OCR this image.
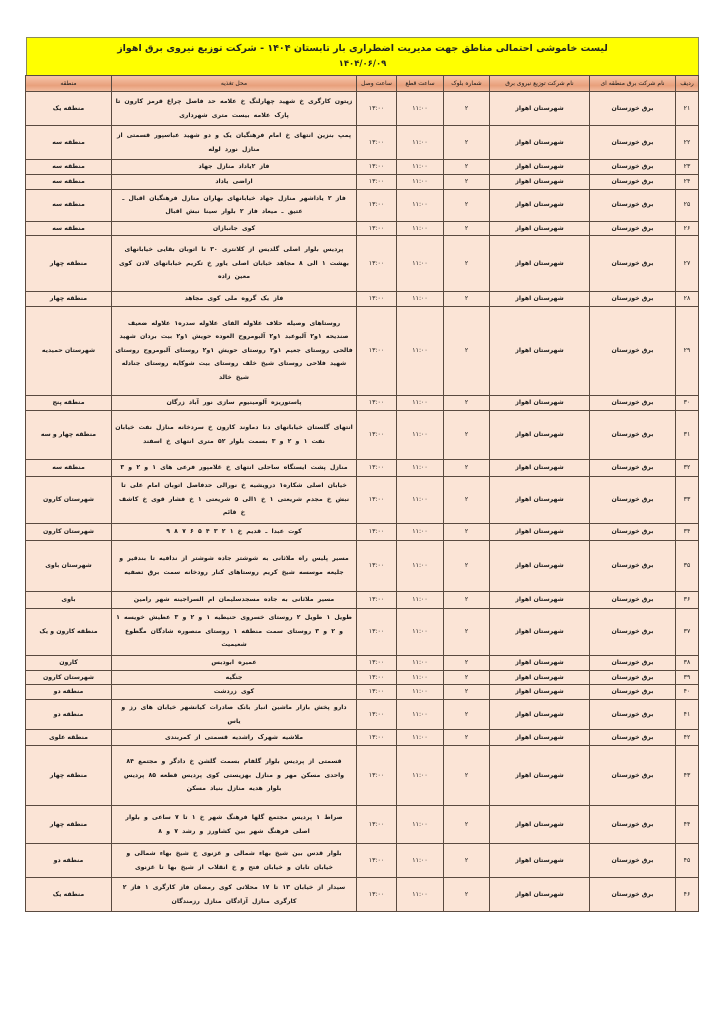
لیست خاموشی احتمالی مناطق جهت مدیریت اضطراری بار تابستان ۱۴۰۴ - شرکت توزیع نیروی برق اهواز
۱۴۰۴/۰۶/۰۹
ردیف	نام شرکت برق منطقه ای	نام شرکت توزیع نیروی برق	شماره بلوک	ساعت قطع	ساعت وصل	محل تغذیه	منطقه
۲۱	برق خوزستان	شهرستان اهواز	۲	۱۱:۰۰	۱۳:۰۰	زیتون کارگری خ شهید چهارلنگ خ علامه حد فاصل چراغ قرمز کارون تا پارک علامه بیست متری شهرداری	منطقه یک
۲۲	برق خوزستان	شهرستان اهواز	۲	۱۱:۰۰	۱۳:۰۰	پمپ بنزین انتهای خ امام فرهنگیان یک و دو شهید عباسپور قسمتی از منازل نورد لوله	منطقه سه
۲۳	برق خوزستان	شهرستان اهواز	۲	۱۱:۰۰	۱۳:۰۰	فاز ۲یاداد منازل جهاد	منطقه سه
۲۴	برق خوزستان	شهرستان اهواز	۲	۱۱:۰۰	۱۳:۰۰	اراضی یاداد	منطقه سه
۲۵	برق خوزستان	شهرستان اهواز	۲	۱۱:۰۰	۱۳:۰۰	فاز ۲ یاداشهر منازل جهاد خیابانهای بهاران منازل فرهنگیان اقبال ـ عتیق ـ میعاد فاز ۲ بلوار سینا نبش اقبال	منطقه سه
۲۶	برق خوزستان	شهرستان اهواز	۲	۱۱:۰۰	۱۳:۰۰	کوی جانبازان	منطقه سه
۲۷	برق خوزستان	شهرستان اهواز	۲	۱۱:۰۰	۱۳:۰۰	پردیس بلوار اصلی گلدیس از کلانتری ۳۰ تا اتوبان بقایی خیابانهای بهشت ۱ الی ۸ مجاهد خیابان اصلی یاور خ تکریم خیابانهای لادن کوی معین زاده	منطقه چهار
۲۸	برق خوزستان	شهرستان اهواز	۲	۱۱:۰۰	۱۳:۰۰	فاز یک گروه ملی کوی مجاهد	منطقه چهار
۲۹	برق خوزستان	شهرستان اهواز	۲	۱۱:۰۰	۱۳:۰۰	روستاهای وصیله حلاف علاوله الفای علاوله سدره۱ علاوله ضعیف صندیحه ۱و۲ آلبوعبد ۱و۲ آلبومروح العوده حویش ۱و۲ بیت بردان شهید فالحی روستای جعیم ۱و۲ روستای حویش ۱و۲ روستای آلبومروح روستای شهید فلاحی روستای شیخ خلف روستای بیت شوکایه روستای جنادله شیخ خالد	شهرستان حمیدیه
۳۰	برق خوزستان	شهرستان اهواز	۲	۱۱:۰۰	۱۳:۰۰	پاستوریزه آلومینیوم سازی نور آباد زرگان	منطقه پنج
۳۱	برق خوزستان	شهرستان اهواز	۲	۱۱:۰۰	۱۳:۰۰	انتهای گلستان خیابانهای دنا دماوند کارون خ سردخانه منازل نفت خیابان نفت ۱ و ۲ و ۳ بسمت بلوار ۵۲ متری انتهای خ اسفند	منطقه چهار و سه
۳۲	برق خوزستان	شهرستان اهواز	۲	۱۱:۰۰	۱۳:۰۰	منازل پشت ایستگاه ساحلی انتهای خ غلامپور فرعی های ۱ و ۲ و ۳	منطقه سه
۳۳	برق خوزستان	شهرستان اهواز	۲	۱۱:۰۰	۱۳:۰۰	خیابان اصلی شکاره۱ درویشیه خ نورالی حدفاصل اتوبان امام علی تا نبش خ مجدم شریعتی ۱ خ ۱الی ۵ شریعتی ۱ خ فشار قوی خ کاشف خ قائم	شهرستان کارون
۳۴	برق خوزستان	شهرستان اهواز	۲	۱۱:۰۰	۱۳:۰۰	کوت عبدا ـ قدیم خ ۱ ۲ ۳ ۴ ۵ ۶ ۷ ۸ ۹	شهرستان کارون
۳۵	برق خوزستان	شهرستان اهواز	۲	۱۱:۰۰	۱۳:۰۰	مسیر پلیس راه ملاثانی به شوشتر جاده شوشتر از ندافیه تا بندقیر و جلیعه موسسه شیخ کریم روستاهای کنار رودخانه سمت برق تصفیه	شهرستان باوی
۳۶	برق خوزستان	شهرستان اهواز	۲	۱۱:۰۰	۱۳:۰۰	مسیر ملاثانی به جاده مسجدسلیمان ام السراجینه شهر رامین	باوی
۳۷	برق خوزستان	شهرستان اهواز	۲	۱۱:۰۰	۱۳:۰۰	طویل ۱ طویل ۲ روستای خسروی حنیطیه ۱ و ۲ و ۳ عطیش خویسه ۱ و ۲ و ۳ روستای سمت منطقه ۱ روستای منصوره شادگان مگطوع شعیمیت	منطقه کارون و یک
۳۸	برق خوزستان	شهرستان اهواز	۲	۱۱:۰۰	۱۳:۰۰	عمیره ابودبس	کارون
۳۹	برق خوزستان	شهرستان اهواز	۲	۱۱:۰۰	۱۳:۰۰	جنگیه	شهرستان کارون
۴۰	برق خوزستان	شهرستان اهواز	۲	۱۱:۰۰	۱۳:۰۰	کوی زردشت	منطقه دو
۴۱	برق خوزستان	شهرستان اهواز	۲	۱۱:۰۰	۱۳:۰۰	دارو پخش بازار ماشین انبار بانک صادرات کیانشهر خیابان های رز و یاس	منطقه دو
۴۲	برق خوزستان	شهرستان اهواز	۲	۱۱:۰۰	۱۳:۰۰	ملاشیه شهرک راشدیه قسمتی از کمربندی	منطقه علوی
۴۳	برق خوزستان	شهرستان اهواز	۲	۱۱:۰۰	۱۳:۰۰	قسمتی از پردیس بلوار گلفام بسمت گلشن خ دادگر و مجتمع ۸۴ واحدی مسکن مهر و منازل بهزیستی کوی پردیس قطعه ۸۵ پردیس بلوار هدیه منازل بنیاد مسکن	منطقه چهار
۴۴	برق خوزستان	شهرستان اهواز	۲	۱۱:۰۰	۱۳:۰۰	صراط ۱ پردیس مجتمع گلها فرهنگ شهر خ ۱ تا ۷ ساعی و بلوار اصلی فرهنگ شهر بین کشاورز و رشد ۷ و ۸	منطقه چهار
۴۵	برق خوزستان	شهرستان اهواز	۲	۱۱:۰۰	۱۳:۰۰	بلوار قدس بین شیخ بهاء شمالی و غزنوی خ شیخ بهاء شمالی و خیابان تابان و خیابان فتح و خ انقلاب از شیخ بها تا غزنوی	منطقه دو
۴۶	برق خوزستان	شهرستان اهواز	۲	۱۱:۰۰	۱۳:۰۰	سیدار از خیابان ۱۳ تا ۱۷ محلاتی کوی رمضان فاز کارگری ۱ فاز ۲ کارگری منازل آزادگان منازل رزمندگان	منطقه یک
